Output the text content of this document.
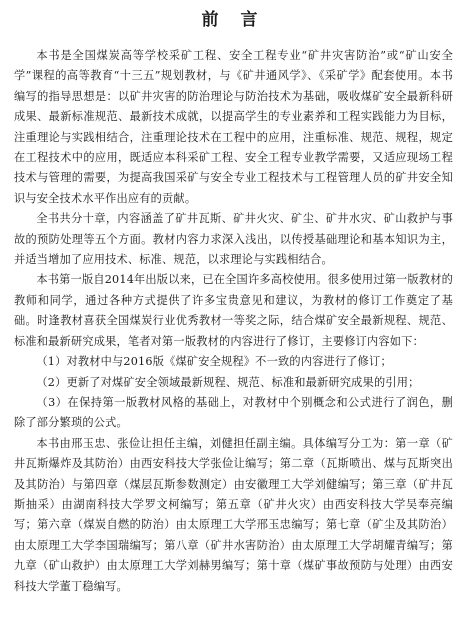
前 言

本书是全国煤炭高等学校采矿工程、安全工程专业“矿井灾害防治”或“矿山安全学”课程的高等教育“十三五”规划教材，与《矿井通风学》、《采矿学》配套使用。本书编写的指导思想是：以矿井灾害的防治理论与防治技术为基础，吸收煤矿安全最新科研成果、最新标准规范、最新技术成就，以提高学生的专业素养和工程实践能力为目标，注重理论与实践相结合，注重理论技术在工程中的应用，注重标准、规范、规程，规定在工程技术中的应用，既适应本科采矿工程、安全工程专业教学需要，又适应现场工程技术与管理的需要，为提高我国采矿与安全专业工程技术与工程管理人员的矿井安全知识与安全技术水平作出应有的贡献。

全书共分十章，内容涵盖了矿井瓦斯、矿井火灾、矿尘、矿井水灾、矿山救护与事故的预防处理等五个方面。教材内容力求深入浅出，以传授基础理论和基本知识为主，并适当增加了应用技术、标准、规范，以求理论与实践相结合。

本书第一版自2014年出版以来，已在全国许多高校使用。很多使用过第一版教材的教师和同学，通过各种方式提供了许多宝贵意见和建议，为教材的修订工作奠定了基础。时逢教材喜获全国煤炭行业优秀教材一等奖之际，结合煤矿安全最新规程、规范、标准和最新研究成果，笔者对第一版教材的内容进行了修订，主要修订内容如下：

（1）对教材中与2016版《煤矿安全规程》不一致的内容进行了修订；

（2）更新了对煤矿安全领域最新规程、规范、标准和最新研究成果的引用；

（3）在保持第一版教材风格的基础上，对教材中个别概念和公式进行了润色，删除了部分繁琐的公式。

本书由邢玉忠、张俭让担任主编，刘健担任副主编。具体编写分工为：第一章（矿井瓦斯爆炸及其防治）由西安科技大学张俭让编写；第二章（瓦斯喷出、煤与瓦斯突出及其防治）与第四章（煤层瓦斯参数测定）由安徽理工大学刘健编写；第三章（矿井瓦斯抽采）由湖南科技大学罗文柯编写；第五章（矿井火灾）由西安科技大学吴奉亮编写；第六章（煤炭自燃的防治）由太原理工大学邢玉忠编写；第七章（矿尘及其防治）由太原理工大学李国瑞编写；第八章（矿井水害防治）由太原理工大学胡耀青编写；第九章（矿山救护）由太原理工大学刘赫男编写；第十章（煤矿事故预防与处理）由西安科技大学董丁稳编写。
